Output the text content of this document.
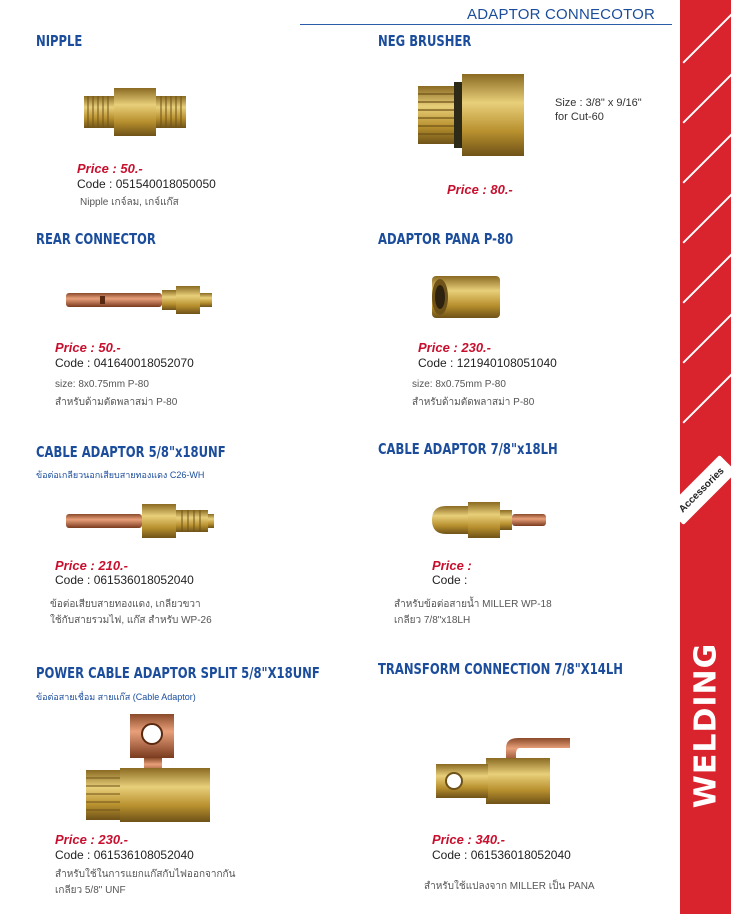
ADAPTOR CONNECOTOR
Accessories
WELDING
NIPPLE
Price : 50.-
Code : 051540018050050
Nipple เกจ์ลม, เกจ์แก๊ส
NEG BRUSHER
Size : 3/8" x 9/16"
for Cut-60
Price : 80.-
REAR CONNECTOR
Price : 50.-
Code : 041640018052070
size: 8x0.75mm P-80
สำหรับด้ามตัดพลาสม่า P-80
ADAPTOR PANA P-80
Price : 230.-
Code : 121940108051040
size: 8x0.75mm P-80
สำหรับด้ามตัดพลาสม่า P-80
CABLE ADAPTOR 5/8"x18UNF
ข้อต่อเกลียวนอกเสียบสายทองแดง C26-WH
Price : 210.-
Code : 061536018052040
ข้อต่อเสียบสายทองแดง, เกลียวขวา
ใช้กับสายรวมไฟ, แก๊ส สำหรับ WP-26
CABLE ADAPTOR 7/8"x18LH
Price :
Code :
สำหรับข้อต่อสายน้ำ MILLER WP-18
เกลียว 7/8"x18LH
POWER CABLE ADAPTOR SPLIT 5/8"X18UNF
ข้อต่อสายเชื่อม สายแก๊ส (Cable Adaptor)
Price : 230.-
Code : 061536108052040
สำหรับใช้ในการแยกแก๊สกับไฟออกจากกัน
เกลียว 5/8" UNF
TRANSFORM CONNECTION 7/8"X14LH
Price : 340.-
Code : 061536018052040
สำหรับใช้แปลงจาก MILLER เป็น PANA
